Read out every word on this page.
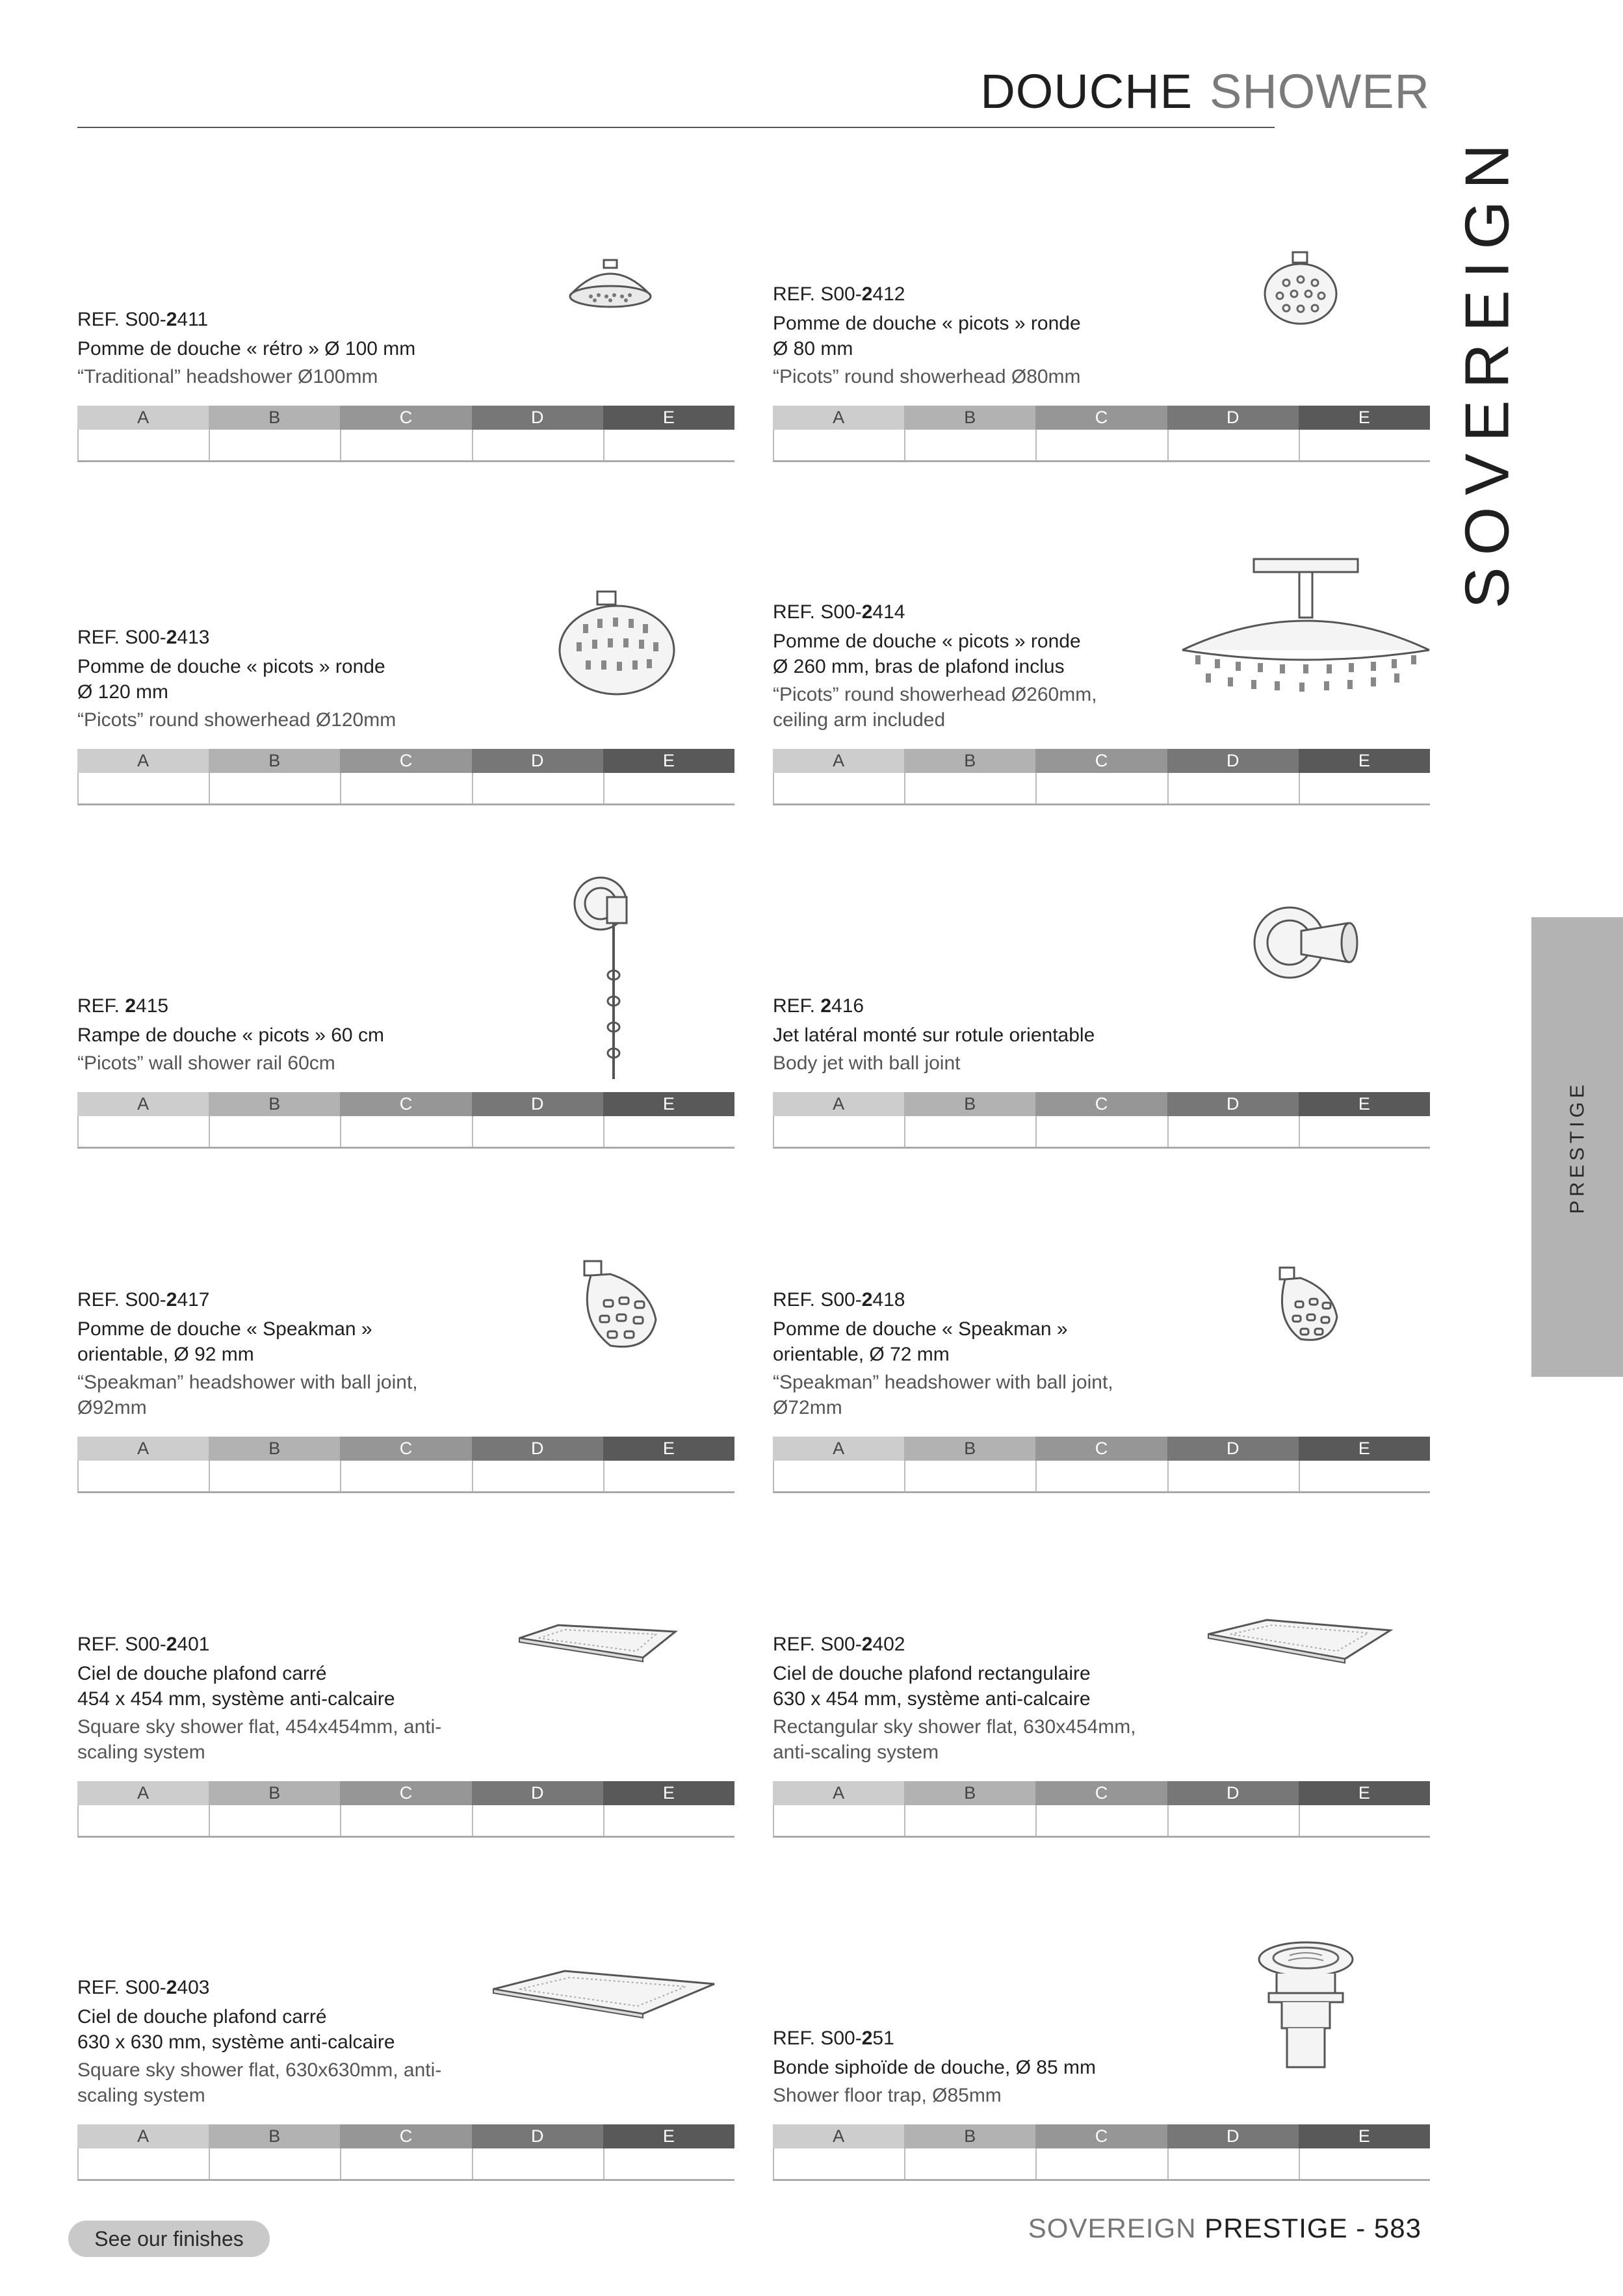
DOUCHE SHOWER
SOVEREIGN
PRESTIGE
REF. S00-2411
Pomme de douche « rétro » Ø 100 mm
“Traditional” headshower Ø100mm
A	B	C	D	E
REF. S00-2412
Pomme de douche « picots » ronde
Ø 80 mm
“Picots” round showerhead Ø80mm
A	B	C	D	E
REF. S00-2413
Pomme de douche « picots » ronde
Ø 120 mm
“Picots” round showerhead Ø120mm
A	B	C	D	E
REF. S00-2414
Pomme de douche « picots » ronde
Ø 260 mm, bras de plafond inclus
“Picots” round showerhead Ø260mm,
ceiling arm included
A	B	C	D	E
REF. 2415
Rampe de douche « picots » 60 cm
“Picots” wall shower rail 60cm
A	B	C	D	E
REF. 2416
Jet latéral monté sur rotule orientable
Body jet with ball joint
A	B	C	D	E
REF. S00-2417
Pomme de douche « Speakman »
orientable, Ø 92 mm
“Speakman” headshower with ball joint,
Ø92mm
A	B	C	D	E
REF. S00-2418
Pomme de douche « Speakman »
orientable, Ø 72 mm
“Speakman” headshower with ball joint,
Ø72mm
A	B	C	D	E
REF. S00-2401
Ciel de douche plafond carré
454 x 454 mm, système anti-calcaire
Square sky shower flat, 454x454mm, anti-
scaling system
A	B	C	D	E
REF. S00-2402
Ciel de douche plafond rectangulaire
630 x 454 mm, système anti-calcaire
Rectangular sky shower flat, 630x454mm,
anti-scaling system
A	B	C	D	E
REF. S00-2403
Ciel de douche plafond carré
630 x 630 mm, système anti-calcaire
Square sky shower flat, 630x630mm, anti-
scaling system
A	B	C	D	E
REF. S00-251
Bonde siphoïde de douche, Ø 85 mm
Shower floor trap, Ø85mm
A	B	C	D	E
See our finishes	SOVEREIGN PRESTIGE - 583
